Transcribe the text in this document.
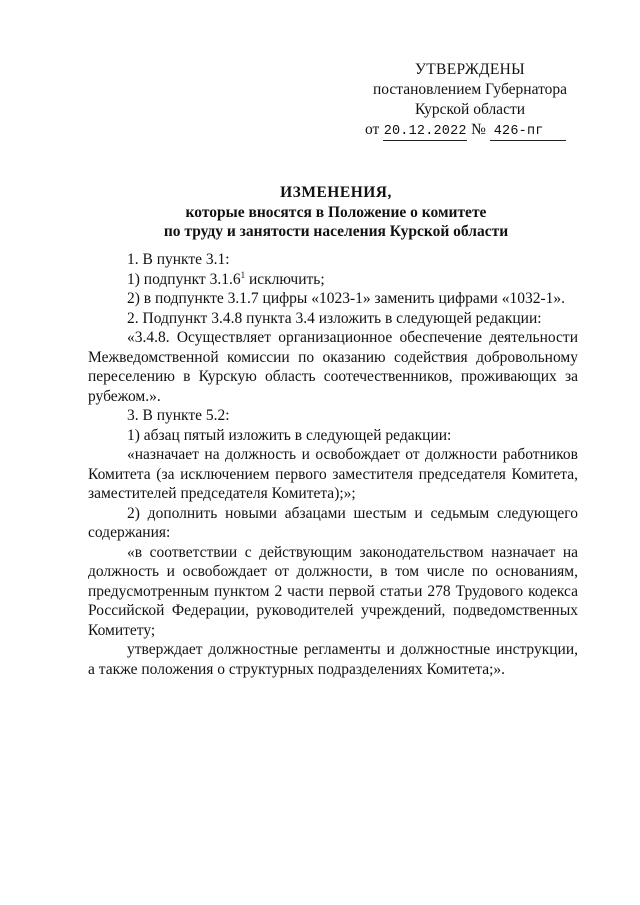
УТВЕРЖДЕНЫ
постановлением Губернатора
Курской области
от 20.12.2022 № 426-пг
ИЗМЕНЕНИЯ,
которые вносятся в Положение о комитете
по труду и занятости населения Курской области

1. В пункте 3.1:

1) подпункт 3.1.6$^1$ исключить;

2) в подпункте 3.1.7 цифры «1023-1» заменить цифрами «1032-1».

2. Подпункт 3.4.8 пункта 3.4 изложить в следующей редакции:

«3.4.8. Осуществляет организационное обеспечение деятельности Межведомственной комиссии по оказанию содействия добровольному переселению в Курскую область соотечественников, проживающих за рубежом.».

3. В пункте 5.2:

1) абзац пятый изложить в следующей редакции:

«назначает на должность и освобождает от должности работников Комитета (за исключением первого заместителя председателя Комитета, заместителей председателя Комитета);»;

2) дополнить новыми абзацами шестым и седьмым следующего содержания:

«в соответствии с действующим законодательством назначает на должность и освобождает от должности, в том числе по основаниям, предусмотренным пунктом 2 части первой статьи 278 Трудового кодекса Российской Федерации, руководителей учреждений, подведомственных Комитету;

утверждает должностные регламенты и должностные инструкции, а также положения о структурных подразделениях Комитета;».
